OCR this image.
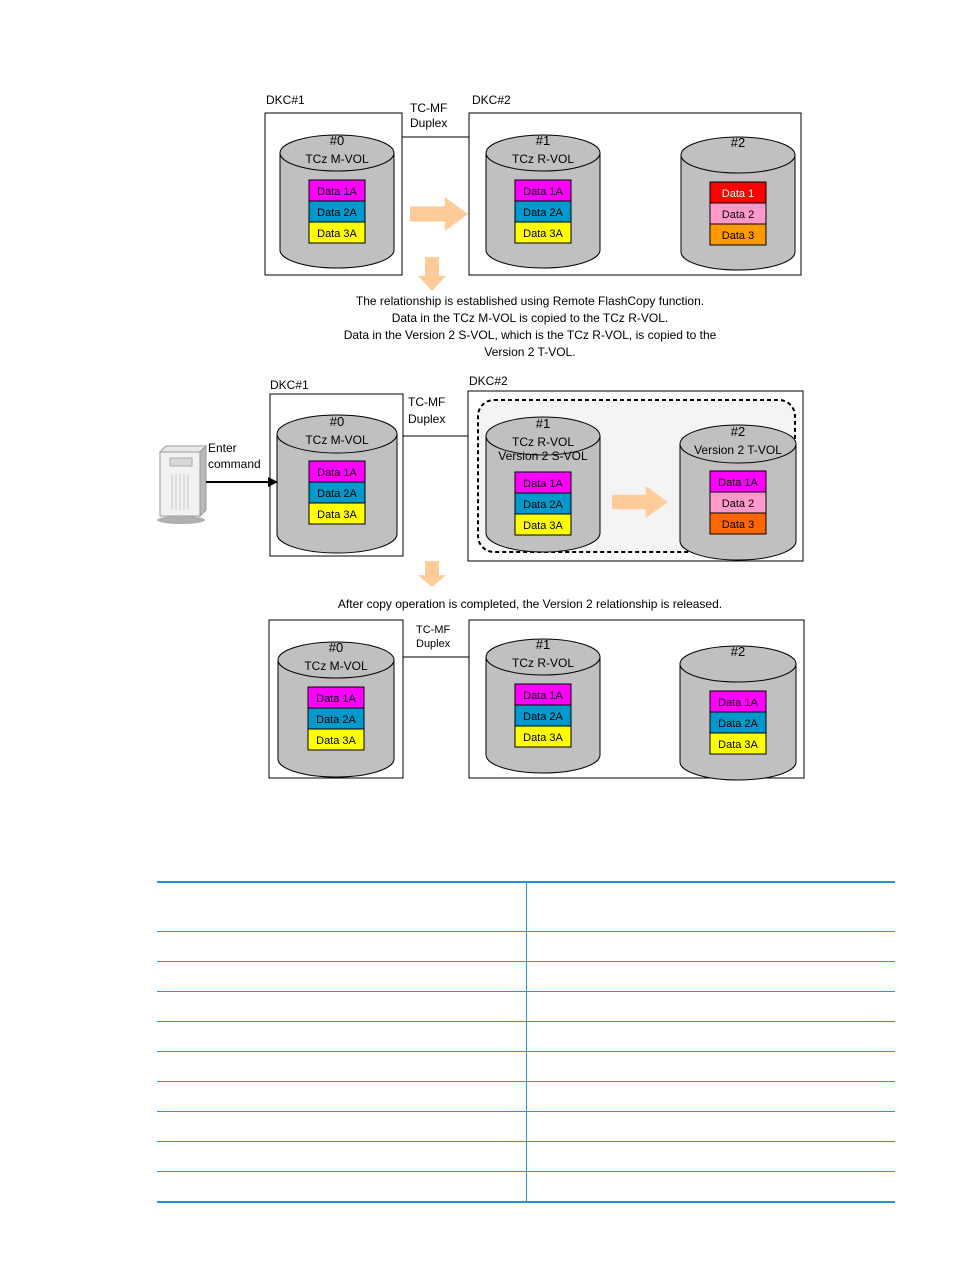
DKC#1	DKC#2
TC-MF
Duplex
#0
TCz M-VOL
Data 1A
Data 2A
Data 3A
#1
TCz R-VOL
Data 1A
Data 2A
Data 3A
#2
Data 1
Data 2
Data 3
DKC#1	DKC#2
TC-MF
Duplex
#0
TCz M-VOL
Data 1A
Data 2A
Data 3A
#1
TCz R-VOL
Version 2 S-VOL
Data 1A
Data 2A
Data 3A
#2
Version 2 T-VOL
Data 1A
Data 2
Data 3
Enter
command
TC-MF
Duplex
#0
TCz M-VOL
Data 1A
Data 2A
Data 3A
#1
TCz R-VOL
Data 1A
Data 2A
Data 3A
#2
Data 1A
Data 2A
Data 3A
The relationship is established using Remote FlashCopy function.
Data in the TCz M-VOL is copied to the TCz R-VOL.
Data in the Version 2 S-VOL, which is the TCz R-VOL, is copied to the
Version 2 T-VOL.
After copy operation is completed, the Version 2 relationship is released.
